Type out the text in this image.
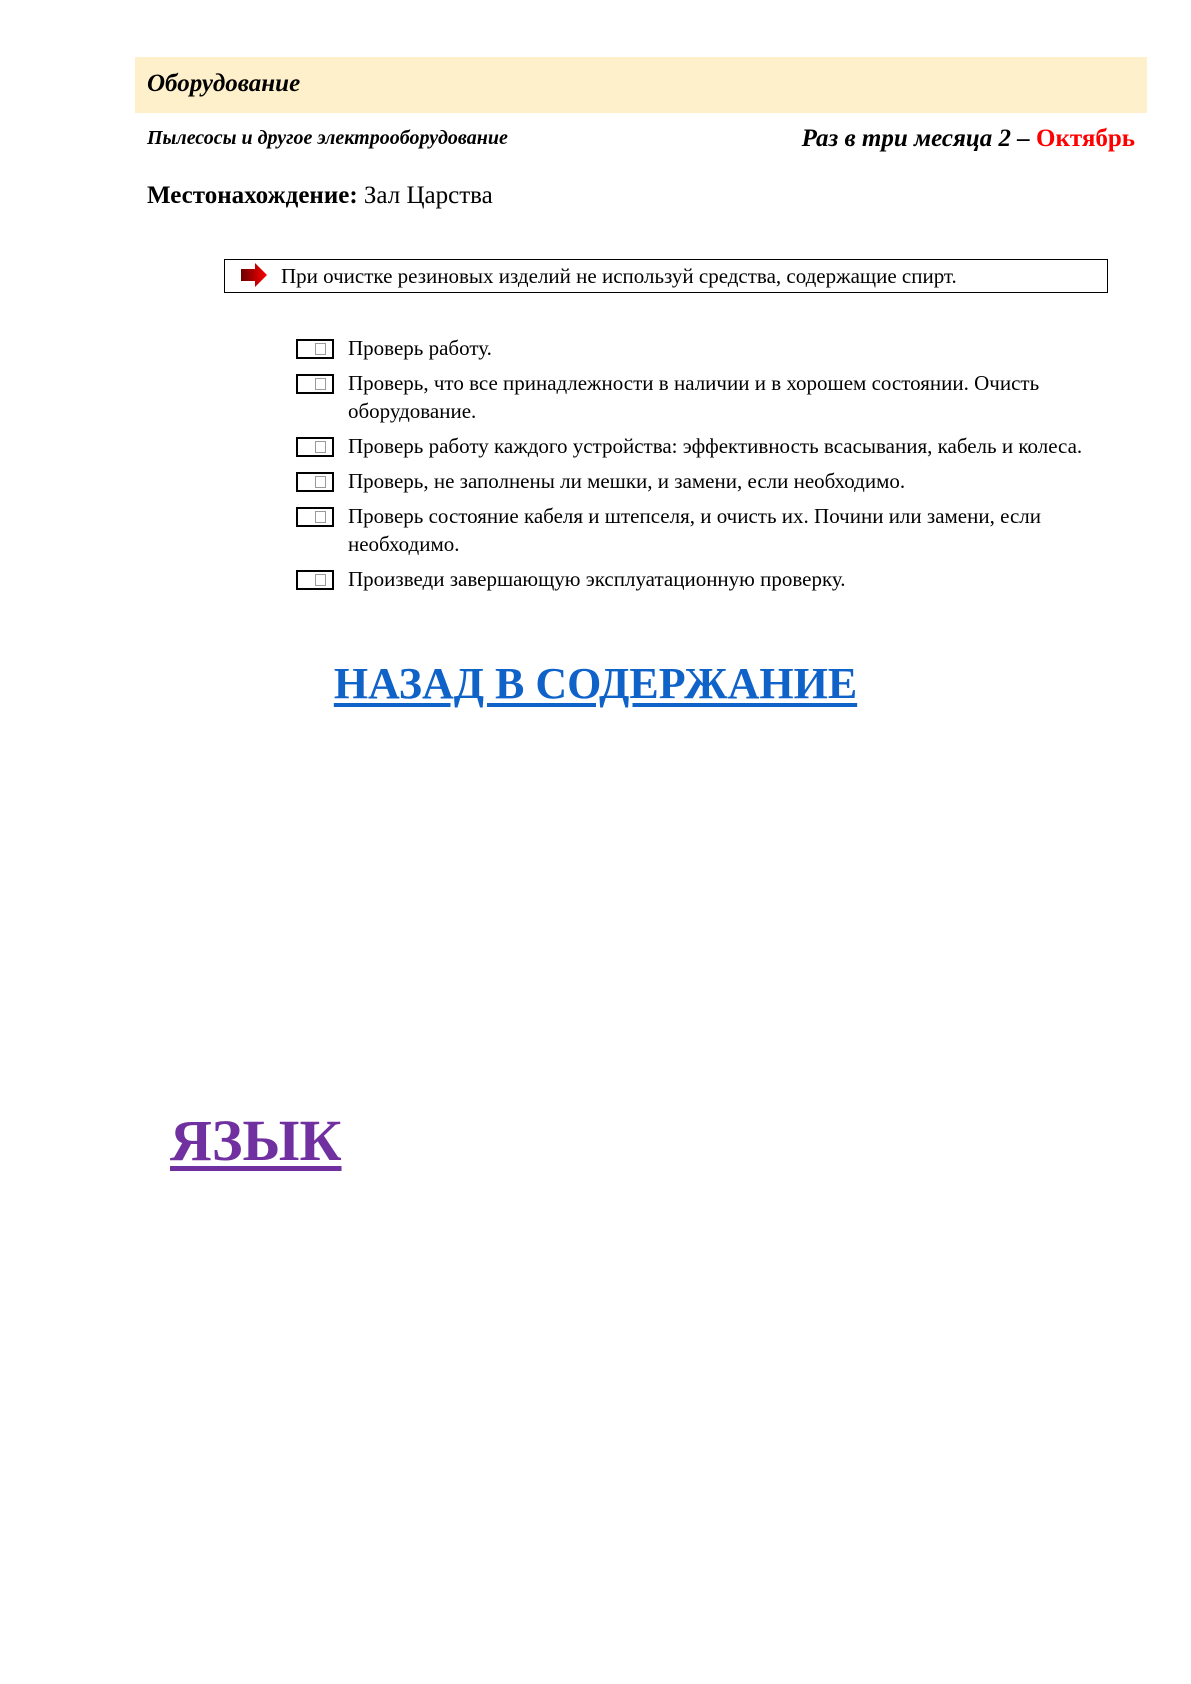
Оборудование
Пылесосы и другое электрооборудование	Раз в три месяца 2 – Октябрь
Местонахождение: Зал Царства
При очистке резиновых изделий не используй средства, содержащие спирт.
Проверь работу.
Проверь, что все принадлежности в наличии и в хорошем состоянии. Очисть оборудование.
Проверь работу каждого устройства: эффективность всасывания, кабель и колеса.
Проверь, не заполнены ли мешки, и замени, если необходимо.
Проверь состояние кабеля и штепселя, и очисть их. Почини или замени, если необходимо.
Произведи завершающую эксплуатационную проверку.
НАЗАД В СОДЕРЖАНИЕ
ЯЗЫК
